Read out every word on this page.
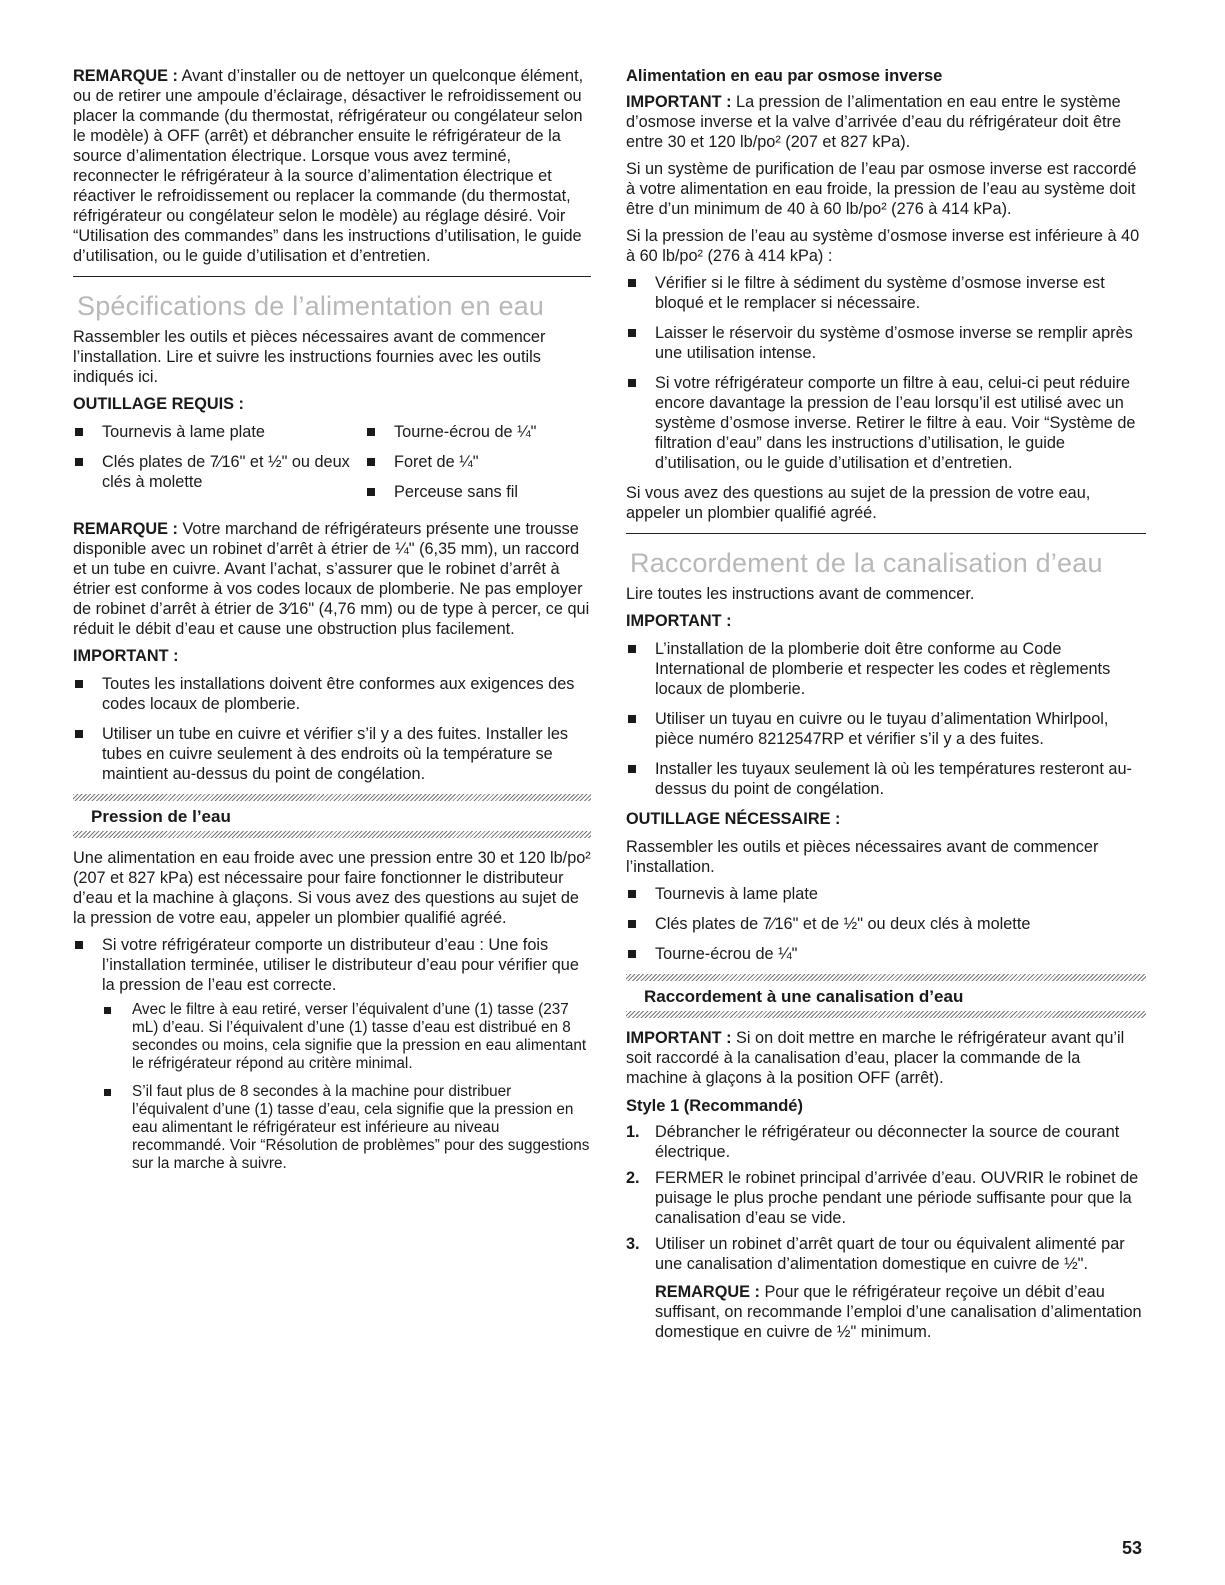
REMARQUE : Avant d’installer ou de nettoyer un quelconque élément, ou de retirer une ampoule d’éclairage, désactiver le refroidissement ou placer la commande (du thermostat, réfrigérateur ou congélateur selon le modèle) à OFF (arrêt) et débrancher ensuite le réfrigérateur de la source d’alimentation électrique. Lorsque vous avez terminé, reconnecter le réfrigérateur à la source d’alimentation électrique et réactiver le refroidissement ou replacer la commande (du thermostat, réfrigérateur ou congélateur selon le modèle) au réglage désiré. Voir “Utilisation des commandes” dans les instructions d’utilisation, le guide d’utilisation, ou le guide d’utilisation et d’entretien.

Spécifications de l’alimentation en eau

Rassembler les outils et pièces nécessaires avant de commencer l’installation. Lire et suivre les instructions fournies avec les outils indiqués ici.

OUTILLAGE REQUIS :
Tournevis à lame plate
Clés plates de 7⁄16" et ½" ou deux clés à molette
Tourne-écrou de ¼"
Foret de ¼"
Perceuse sans fil

REMARQUE : Votre marchand de réfrigérateurs présente une trousse disponible avec un robinet d’arrêt à étrier de ¼" (6,35 mm), un raccord et un tube en cuivre. Avant l’achat, s’assurer que le robinet d’arrêt à étrier est conforme à vos codes locaux de plomberie. Ne pas employer de robinet d’arrêt à étrier de 3⁄16" (4,76 mm) ou de type à percer, ce qui réduit le débit d’eau et cause une obstruction plus facilement.

IMPORTANT :
Toutes les installations doivent être conformes aux exigences des codes locaux de plomberie.
Utiliser un tube en cuivre et vérifier s’il y a des fuites. Installer les tubes en cuivre seulement à des endroits où la température se maintient au-dessus du point de congélation.
Pression de l’eau

Une alimentation en eau froide avec une pression entre 30 et 120 lb/po² (207 et 827 kPa) est nécessaire pour faire fonctionner le distributeur d’eau et la machine à glaçons. Si vous avez des questions au sujet de la pression de votre eau, appeler un plombier qualifié agréé.

Si votre réfrigérateur comporte un distributeur d’eau : Une fois l’installation terminée, utiliser le distributeur d’eau pour vérifier que la pression de l’eau est correcte.
Avec le filtre à eau retiré, verser l’équivalent d’une (1) tasse (237 mL) d’eau. Si l’équivalent d’une (1) tasse d’eau est distribué en 8 secondes ou moins, cela signifie que la pression en eau alimentant le réfrigérateur répond au critère minimal.
S’il faut plus de 8 secondes à la machine pour distribuer l’équivalent d’une (1) tasse d’eau, cela signifie que la pression en eau alimentant le réfrigérateur est inférieure au niveau recommandé. Voir “Résolution de problèmes” pour des suggestions sur la marche à suivre.
Alimentation en eau par osmose inverse

IMPORTANT : La pression de l’alimentation en eau entre le système d’osmose inverse et la valve d’arrivée d’eau du réfrigérateur doit être entre 30 et 120 lb/po² (207 et 827 kPa).

Si un système de purification de l’eau par osmose inverse est raccordé à votre alimentation en eau froide, la pression de l’eau au système doit être d’un minimum de 40 à 60 lb/po² (276 à 414 kPa).

Si la pression de l’eau au système d’osmose inverse est inférieure à 40 à 60 lb/po² (276 à 414 kPa) :

Vérifier si le filtre à sédiment du système d’osmose inverse est bloqué et le remplacer si nécessaire.
Laisser le réservoir du système d’osmose inverse se remplir après une utilisation intense.
Si votre réfrigérateur comporte un filtre à eau, celui-ci peut réduire encore davantage la pression de l’eau lorsqu’il est utilisé avec un système d’osmose inverse. Retirer le filtre à eau. Voir “Système de filtration d’eau” dans les instructions d’utilisation, le guide d’utilisation, ou le guide d’utilisation et d’entretien.

Si vous avez des questions au sujet de la pression de votre eau, appeler un plombier qualifié agréé.

Raccordement de la canalisation d’eau

Lire toutes les instructions avant de commencer.

IMPORTANT :
L’installation de la plomberie doit être conforme au Code International de plomberie et respecter les codes et règlements locaux de plomberie.
Utiliser un tuyau en cuivre ou le tuyau d’alimentation Whirlpool, pièce numéro 8212547RP et vérifier s’il y a des fuites.
Installer les tuyaux seulement là où les températures resteront au-dessus du point de congélation.
OUTILLAGE NÉCESSAIRE :

Rassembler les outils et pièces nécessaires avant de commencer l’installation.

Tournevis à lame plate
Clés plates de 7⁄16" et de ½" ou deux clés à molette
Tourne-écrou de ¼"
Raccordement à une canalisation d’eau

IMPORTANT : Si on doit mettre en marche le réfrigérateur avant qu’il soit raccordé à la canalisation d’eau, placer la commande de la machine à glaçons à la position OFF (arrêt).

Style 1 (Recommandé)
1. Débrancher le réfrigérateur ou déconnecter la source de courant électrique.
2. FERMER le robinet principal d’arrivée d’eau. OUVRIR le robinet de puisage le plus proche pendant une période suffisante pour que la canalisation d’eau se vide.
3. Utiliser un robinet d’arrêt quart de tour ou équivalent alimenté par une canalisation d’alimentation domestique en cuivre de ½".

REMARQUE : Pour que le réfrigérateur reçoive un débit d’eau suffisant, on recommande l’emploi d’une canalisation d’alimentation domestique en cuivre de ½" minimum.

53
